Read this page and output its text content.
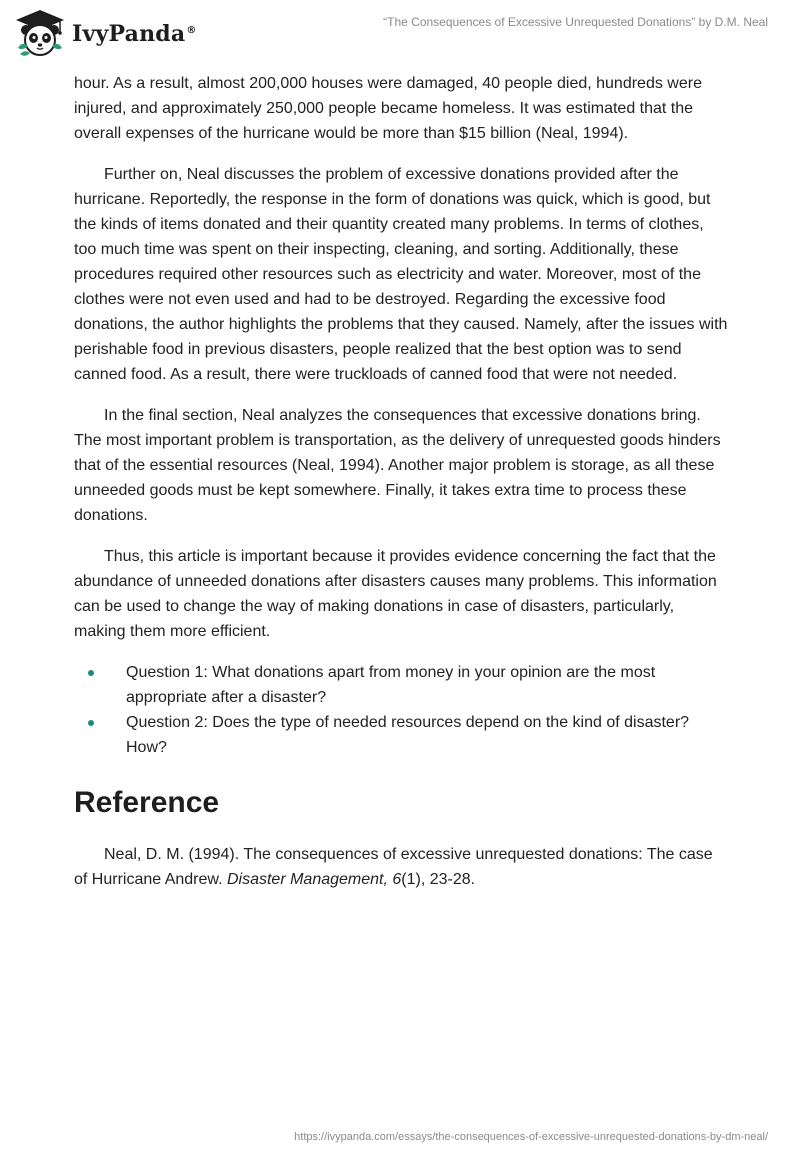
IvyPanda®
“The Consequences of Excessive Unrequested Donations” by D.M. Neal

hour. As a result, almost 200,000 houses were damaged, 40 people died, hundreds were injured, and approximately 250,000 people became homeless. It was estimated that the overall expenses of the hurricane would be more than $15 billion (Neal, 1994).

Further on, Neal discusses the problem of excessive donations provided after the hurricane. Reportedly, the response in the form of donations was quick, which is good, but the kinds of items donated and their quantity created many problems. In terms of clothes, too much time was spent on their inspecting, cleaning, and sorting. Additionally, these procedures required other resources such as electricity and water. Moreover, most of the clothes were not even used and had to be destroyed. Regarding the excessive food donations, the author highlights the problems that they caused. Namely, after the issues with perishable food in previous disasters, people realized that the best option was to send canned food. As a result, there were truckloads of canned food that were not needed.

In the final section, Neal analyzes the consequences that excessive donations bring. The most important problem is transportation, as the delivery of unrequested goods hinders that of the essential resources (Neal, 1994). Another major problem is storage, as all these unneeded goods must be kept somewhere. Finally, it takes extra time to process these donations.

Thus, this article is important because it provides evidence concerning the fact that the abundance of unneeded donations after disasters causes many problems. This information can be used to change the way of making donations in case of disasters, particularly, making them more efficient.

Question 1: What donations apart from money in your opinion are the most appropriate after a disaster?
Question 2: Does the type of needed resources depend on the kind of disaster? How?
Reference

Neal, D. M. (1994). The consequences of excessive unrequested donations: The case of Hurricane Andrew. Disaster Management, 6(1), 23-28.

https://ivypanda.com/essays/the-consequences-of-excessive-unrequested-donations-by-dm-neal/
